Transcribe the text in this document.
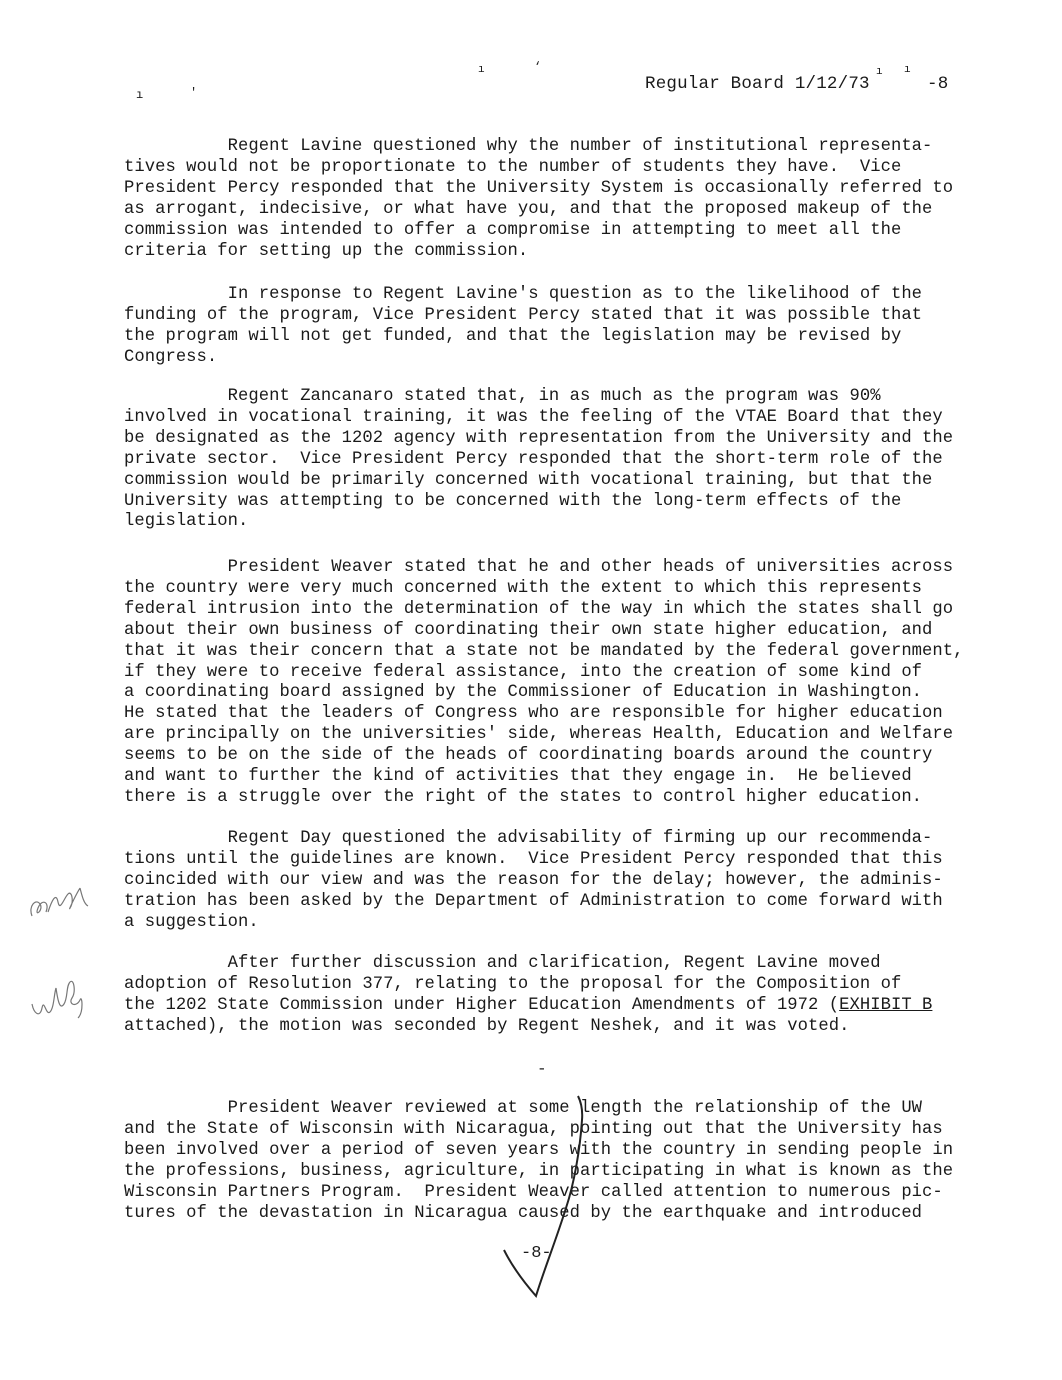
ı	′
ı	‘	ı ı
Regular Board 1/12/73	-8
Regent Lavine questioned why the number of institutional representa-
tives would not be proportionate to the number of students they have.  Vice
President Percy responded that the University System is occasionally referred to
as arrogant, indecisive, or what have you, and that the proposed makeup of the
commission was intended to offer a compromise in attempting to meet all the
criteria for setting up the commission.
In response to Regent Lavine's question as to the likelihood of the
funding of the program, Vice President Percy stated that it was possible that
the program will not get funded, and that the legislation may be revised by
Congress.
Regent Zancanaro stated that, in as much as the program was 90%
involved in vocational training, it was the feeling of the VTAE Board that they
be designated as the 1202 agency with representation from the University and the
private sector.  Vice President Percy responded that the short-term role of the
commission would be primarily concerned with vocational training, but that the
University was attempting to be concerned with the long-term effects of the
legislation.
President Weaver stated that he and other heads of universities across
the country were very much concerned with the extent to which this represents
federal intrusion into the determination of the way in which the states shall go
about their own business of coordinating their own state higher education, and
that it was their concern that a state not be mandated by the federal government,
if they were to receive federal assistance, into the creation of some kind of
a coordinating board assigned by the Commissioner of Education in Washington.
He stated that the leaders of Congress who are responsible for higher education
are principally on the universities' side, whereas Health, Education and Welfare
seems to be on the side of the heads of coordinating boards around the country
and want to further the kind of activities that they engage in.  He believed
there is a struggle over the right of the states to control higher education.
Regent Day questioned the advisability of firming up our recommenda-
tions until the guidelines are known.  Vice President Percy responded that this
coincided with our view and was the reason for the delay; however, the adminis-
tration has been asked by the Department of Administration to come forward with
a suggestion.
After further discussion and clarification, Regent Lavine moved
adoption of Resolution 377, relating to the proposal for the Composition of
the 1202 State Commission under Higher Education Amendments of 1972 (EXHIBIT B
attached), the motion was seconded by Regent Neshek, and it was voted.
-
President Weaver reviewed at some length the relationship of the UW
and the State of Wisconsin with Nicaragua, pointing out that the University has
been involved over a period of seven years with the country in sending people in
the professions, business, agriculture, in participating in what is known as the
Wisconsin Partners Program.  President Weaver called attention to numerous pic-
tures of the devastation in Nicaragua caused by the earthquake and introduced
-8-
